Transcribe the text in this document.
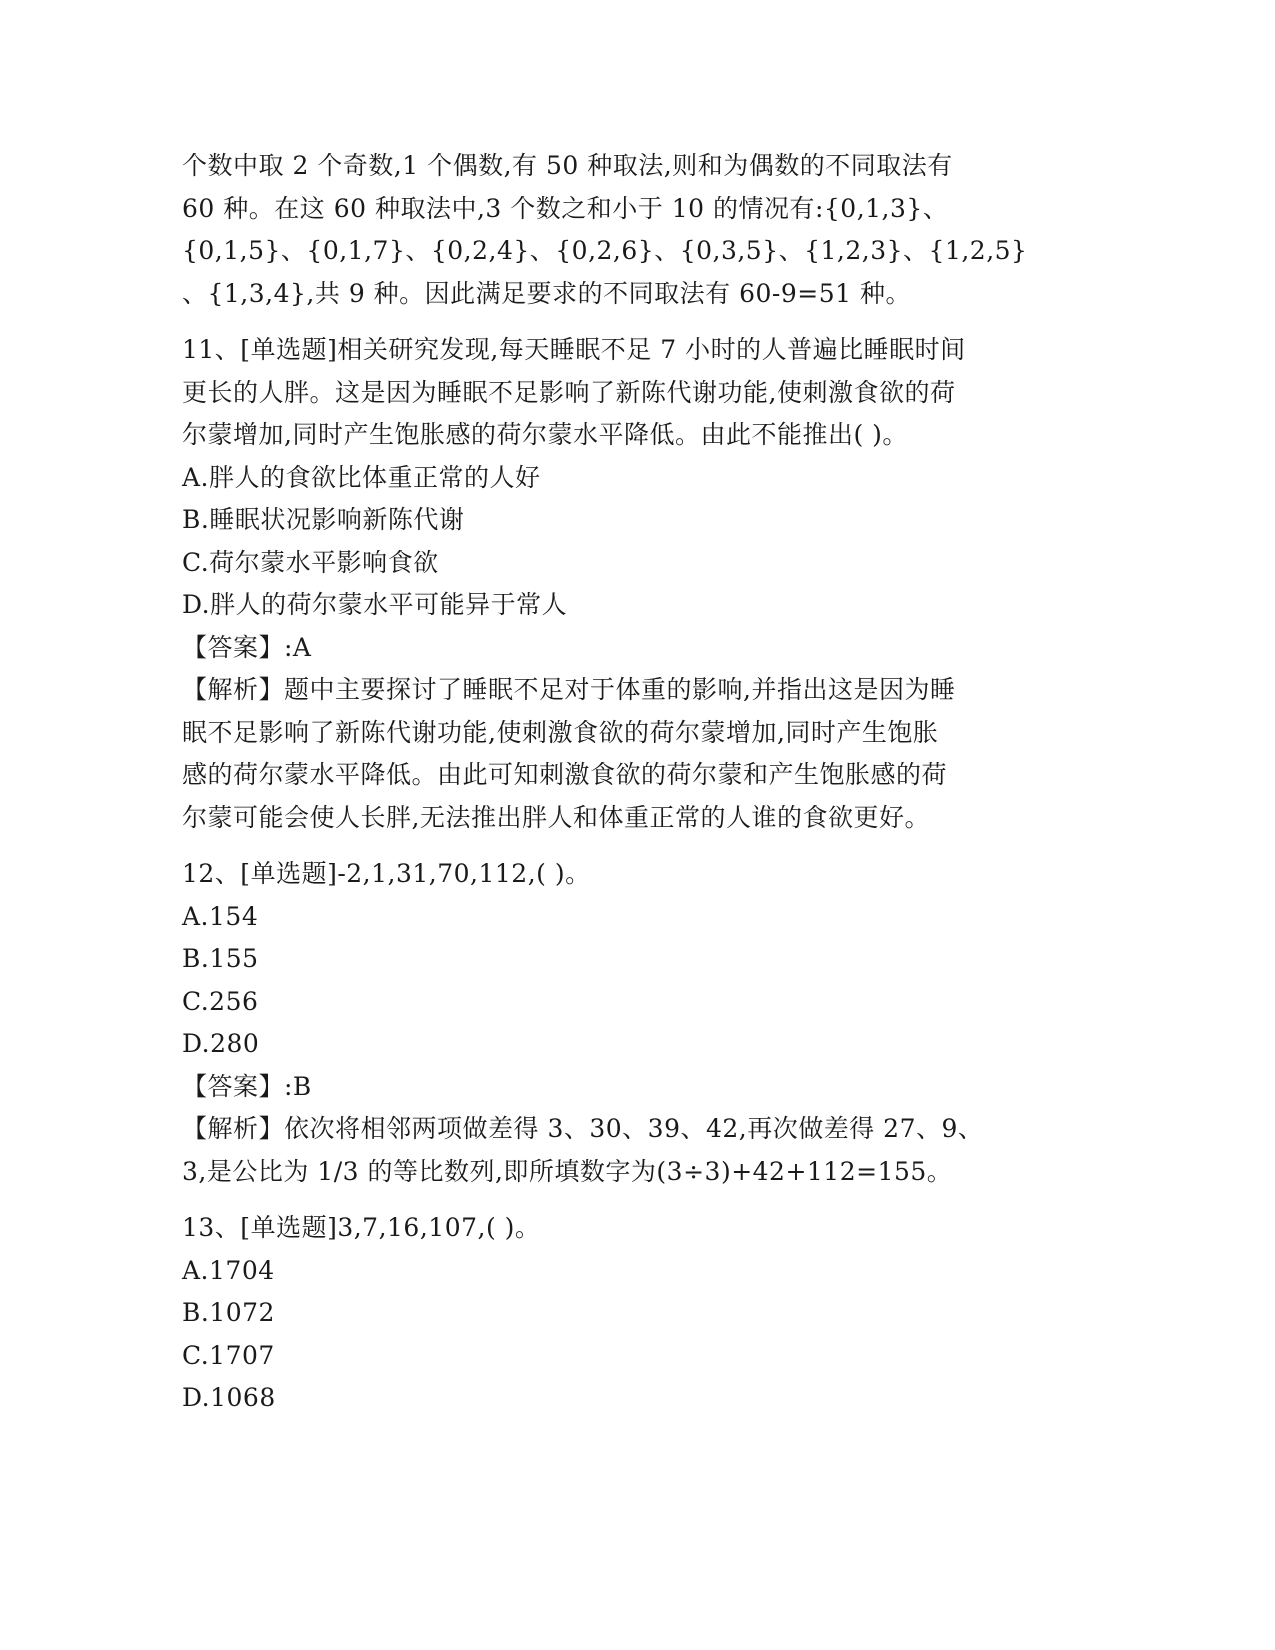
个数中取 2 个奇数,1 个偶数,有 50 种取法,则和为偶数的不同取法有
60 种。在这 60 种取法中,3 个数之和小于 10 的情况有:{0,1,3}、
{0,1,5}、{0,1,7}、{0,2,4}、{0,2,6}、{0,3,5}、{1,2,3}、{1,2,5}
、{1,3,4},共 9 种。因此满足要求的不同取法有 60-9=51 种。
11、[单选题]相关研究发现,每天睡眠不足 7 小时的人普遍比睡眠时间
更长的人胖。这是因为睡眠不足影响了新陈代谢功能,使刺激食欲的荷
尔蒙增加,同时产生饱胀感的荷尔蒙水平降低。由此不能推出( )。
A.胖人的食欲比体重正常的人好
B.睡眠状况影响新陈代谢
C.荷尔蒙水平影响食欲
D.胖人的荷尔蒙水平可能异于常人
【答案】:A
【解析】题中主要探讨了睡眠不足对于体重的影响,并指出这是因为睡
眠不足影响了新陈代谢功能,使刺激食欲的荷尔蒙增加,同时产生饱胀
感的荷尔蒙水平降低。由此可知刺激食欲的荷尔蒙和产生饱胀感的荷
尔蒙可能会使人长胖,无法推出胖人和体重正常的人谁的食欲更好。
12、[单选题]-2,1,31,70,112,( )。
A.154
B.155
C.256
D.280
【答案】:B
【解析】依次将相邻两项做差得 3、30、39、42,再次做差得 27、9、
3,是公比为 1/3 的等比数列,即所填数字为(3÷3)+42+112=155。
13、[单选题]3,7,16,107,( )。
A.1704
B.1072
C.1707
D.1068
